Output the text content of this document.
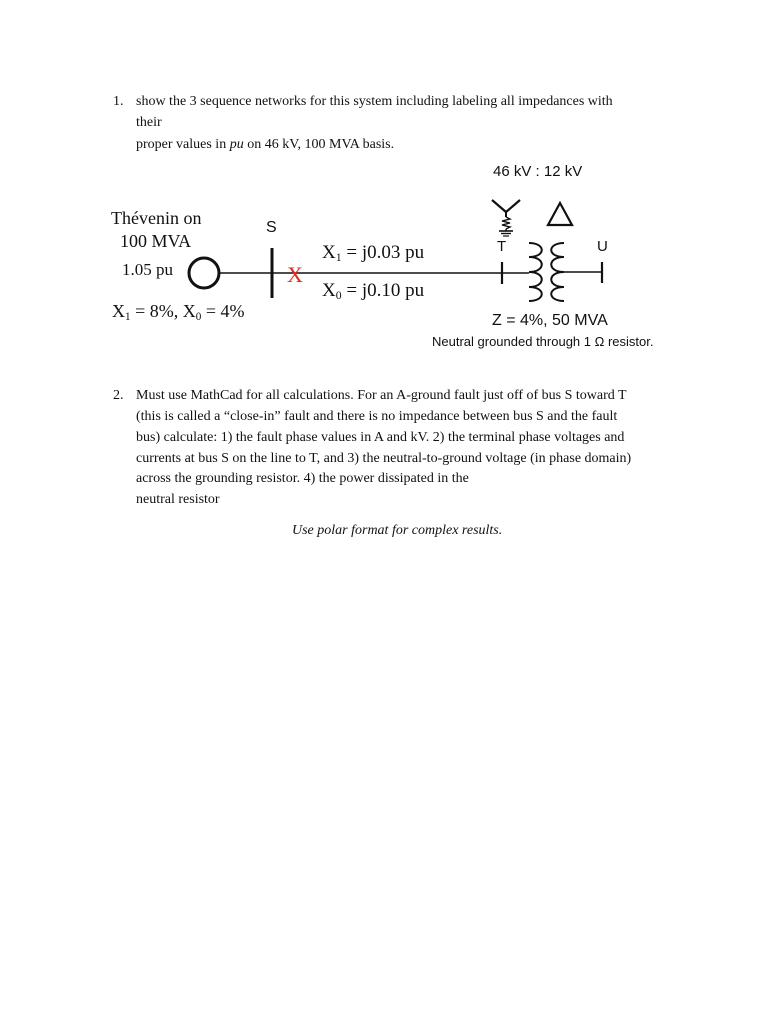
1. show the 3 sequence networks for this system including labeling all impedances with
their
proper values in pu on 46 kV, 100 MVA basis.
Thévenin on
100 MVA
1.05 pu
$X_1 = 8\%$, $X_0 = 4\%$
S
X
$X_1 = j0.03$ pu
$X_0 = j0.10$ pu
46 kV : 12 kV
T	U
Z = 4%, 50 MVA
Neutral grounded through 1 Ω resistor.
2. Must use MathCad for all calculations. For an A-ground fault just off of bus S toward T
(this is called a “close-in” fault and there is no impedance between bus S and the fault
bus) calculate: 1) the fault phase values in A and kV. 2) the terminal phase voltages and
currents at bus S on the line to T, and 3) the neutral-to-ground voltage (in phase domain)
across the grounding resistor. 4) the power dissipated in the
neutral resistor
Use polar format for complex results.
